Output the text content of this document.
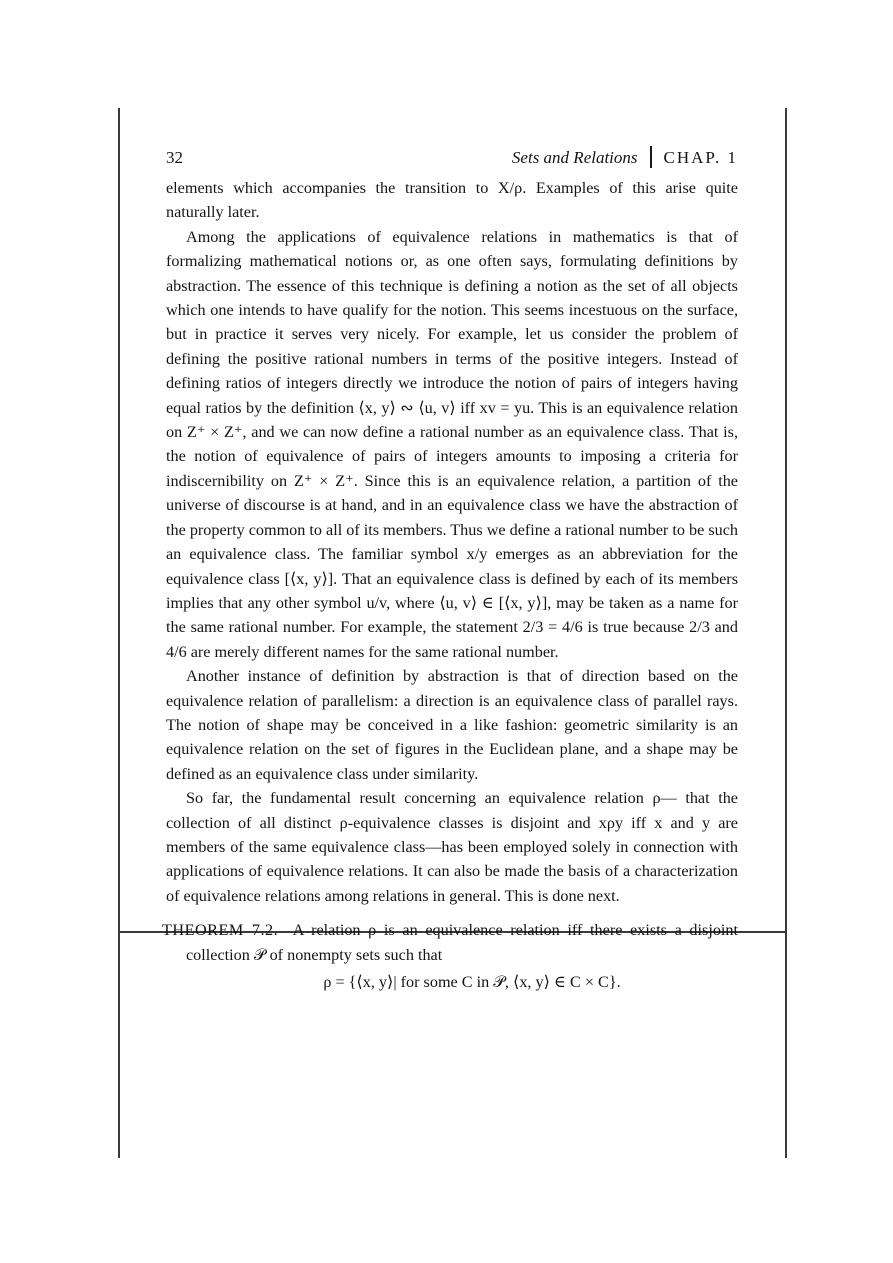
32	Sets and Relations CHAP. 1

elements which accompanies the transition to X/ρ. Examples of this arise quite naturally later.

Among the applications of equivalence relations in mathematics is that of formalizing mathematical notions or, as one often says, formulating definitions by abstraction. The essence of this technique is defining a notion as the set of all objects which one intends to have qualify for the notion. This seems incestuous on the surface, but in practice it serves very nicely. For example, let us consider the problem of defining the positive rational numbers in terms of the positive integers. Instead of defining ratios of integers directly we introduce the notion of pairs of integers having equal ratios by the definition ⟨x, y⟩ ∾ ⟨u, v⟩ iff xv = yu. This is an equivalence relation on Z⁺ × Z⁺, and we can now define a rational number as an equivalence class. That is, the notion of equivalence of pairs of integers amounts to imposing a criteria for indiscernibility on Z⁺ × Z⁺. Since this is an equivalence relation, a partition of the universe of discourse is at hand, and in an equivalence class we have the abstraction of the property common to all of its members. Thus we define a rational number to be such an equivalence class. The familiar symbol x/y emerges as an abbreviation for the equivalence class [⟨x, y⟩]. That an equivalence class is defined by each of its members implies that any other symbol u/v, where ⟨u, v⟩ ∈ [⟨x, y⟩], may be taken as a name for the same rational number. For example, the statement 2/3 = 4/6 is true because 2/3 and 4/6 are merely different names for the same rational number.

Another instance of definition by abstraction is that of direction based on the equivalence relation of parallelism: a direction is an equivalence class of parallel rays. The notion of shape may be conceived in a like fashion: geometric similarity is an equivalence relation on the set of figures in the Euclidean plane, and a shape may be defined as an equivalence class under similarity.

So far, the fundamental result concerning an equivalence relation ρ— that the collection of all distinct ρ-equivalence classes is disjoint and xρy iff x and y are members of the same equivalence class—has been employed solely in connection with applications of equivalence relations. It can also be made the basis of a characterization of equivalence relations among relations in general. This is done next.

THEOREM 7.2. A relation ρ is an equivalence relation iff there exists a disjoint collection 𝒫 of nonempty sets such that
ρ = {⟨x, y⟩| for some C in 𝒫, ⟨x, y⟩ ∈ C × C}.
